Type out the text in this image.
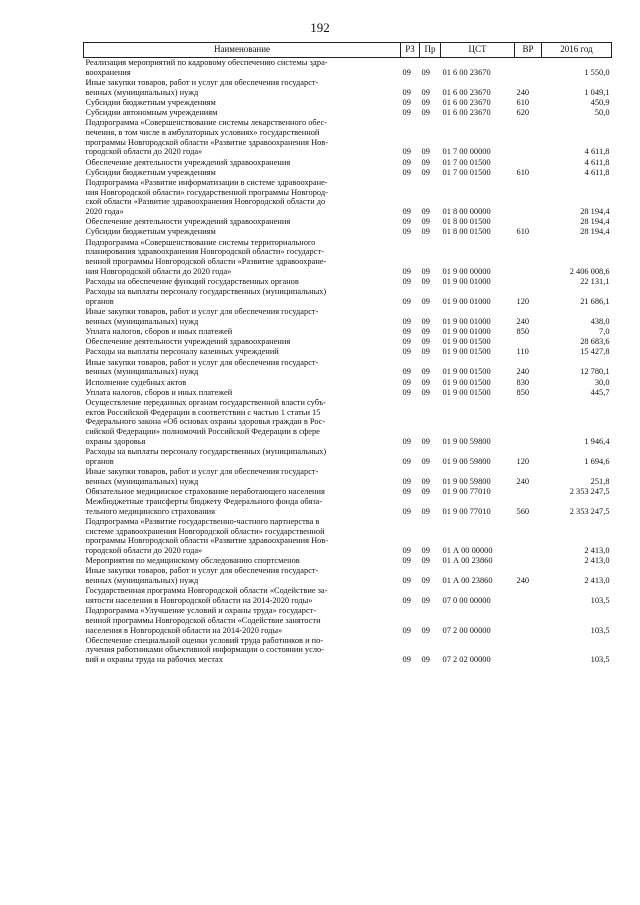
192
Наименование	РЗ	Пр	ЦСТ	ВР	2016 год
Реализация мероприятий по кадровому обеспечению системы здра-
воохранения	09	09	01 6 00 23670		1 550,0
Иные закупки товаров, работ и услуг для обеспечения государст-
венных (муниципальных) нужд	09	09	01 6 00 23670	240	1 049,1
Субсидии бюджетным учреждениям	09	09	01 6 00 23670	610	450,9
Субсидии автономным учреждениям	09	09	01 6 00 23670	620	50,0
Подпрограмма «Совершенствование системы лекарственного обес-
печения, в том числе в амбулаторных условиях» государственной
программы Новгородской области «Развитие здравоохранения Нов-
городской области до 2020 года»	09	09	01 7 00 00000		4 611,8
Обеспечение деятельности учреждений здравоохранения	09	09	01 7 00 01500		4 611,8
Субсидии бюджетным учреждениям	09	09	01 7 00 01500	610	4 611,8
Подпрограмма «Развитие информатизации в системе здравоохране-
ния Новгородской области» государственной программы Новгород-
ской области «Развитие здравоохранения Новгородской области до
2020 года»	09	09	01 8 00 00000		28 194,4
Обеспечение деятельности учреждений здравоохранения	09	09	01 8 00 01500		28 194,4
Субсидии бюджетным учреждениям	09	09	01 8 00 01500	610	28 194,4
Подпрограмма «Совершенствование системы территориального
планирования здравоохранения Новгородской области» государст-
венной программы Новгородской области «Развитие здравоохране-
ния Новгородской области до 2020 года»	09	09	01 9 00 00000		2 406 008,6
Расходы на обеспечение функций государственных органов	09	09	01 9 00 01000		22 131,1
Расходы на выплаты персоналу государственных (муниципальных)
органов	09	09	01 9 00 01000	120	21 686,1
Иные закупки товаров, работ и услуг для обеспечения государст-
венных (муниципальных) нужд	09	09	01 9 00 01000	240	438,0
Уплата налогов, сборов и иных платежей	09	09	01 9 00 01000	850	7,0
Обеспечение деятельности учреждений здравоохранения	09	09	01 9 00 01500		28 683,6
Расходы на выплаты персоналу казенных учреждений	09	09	01 9 00 01500	110	15 427,8
Иные закупки товаров, работ и услуг для обеспечения государст-
венных (муниципальных) нужд	09	09	01 9 00 01500	240	12 780,1
Исполнение судебных актов	09	09	01 9 00 01500	830	30,0
Уплата налогов, сборов и иных платежей	09	09	01 9 00 01500	850	445,7
Осуществление переданных органам государственной власти субъ-
ектов Российской Федерации в соответствии с частью 1 статьи 15
Федерального закона «Об основах охраны здоровья граждан в Рос-
сийской Федерации» полномочий Российской Федерации в сфере
охраны здоровья	09	09	01 9 00 59800		1 946,4
Расходы на выплаты персоналу государственных (муниципальных)
органов	09	09	01 9 00 59800	120	1 694,6
Иные закупки товаров, работ и услуг для обеспечения государст-
венных (муниципальных) нужд	09	09	01 9 00 59800	240	251,8
Обязательное медицинское страхование неработающего населения	09	09	01 9 00 77010		2 353 247,5
Межбюджетные трансферты бюджету Федерального фонда обяза-
тельного медицинского страхования	09	09	01 9 00 77010	560	2 353 247,5
Подпрограмма «Развитие государственно-частного партнерства в
системе здравоохранения Новгородской области» государственной
программы Новгородской области «Развитие здравоохранения Нов-
городской области до 2020 года»	09	09	01 А 00 00000		2 413,0
Мероприятия по медицинскому обследованию спортсменов	09	09	01 А 00 23860		2 413,0
Иные закупки товаров, работ и услуг для обеспечения государст-
венных (муниципальных) нужд	09	09	01 А 00 23860	240	2 413,0
Государственная программа Новгородской области «Содействие за-
нятости населения в Новгородской области на 2014-2020 годы»	09	09	07 0 00 00000		103,5
Подпрограмма «Улучшение условий и охраны труда» государст-
венной программы Новгородской области «Содействие занятости
населения в Новгородской области на 2014-2020 годы»	09	09	07 2 00 00000		103,5
Обеспечение специальной оценки условий труда работников и по-
лучения работниками объективной информации о состоянии усло-
вий и охраны труда на рабочих местах	09	09	07 2 02 00000		103,5
